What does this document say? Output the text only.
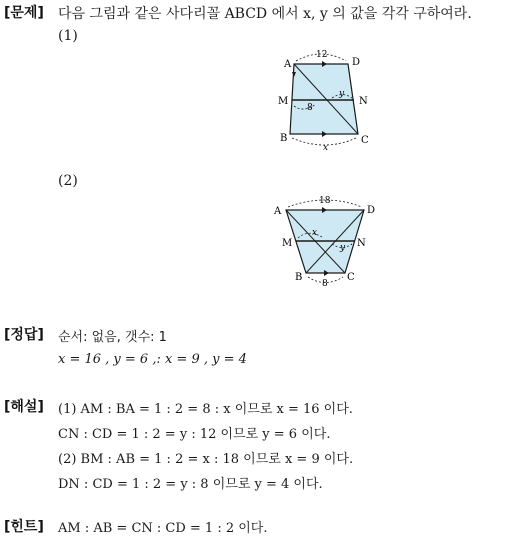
[문제] 다음 그림과 같은 사다리꼴 ABCD 에서 x, y 의 값을 각각 구하여라.
(1)
A	D
M	N
B	C
12
8
y
x
(2)
A	D
M	N
B	C
18
x
y
8
[정답] 순서: 없음, 갯수: 1
x = 16 , y = 6 ,: x = 9 , y = 4
[해설] (1) AM : BA = 1 : 2 = 8 : x 이므로 x = 16 이다.
CN : CD = 1 : 2 = y : 12 이므로 y = 6 이다.
(2) BM : AB = 1 : 2 = x : 18 이므로 x = 9 이다.
DN : CD = 1 : 2 = y : 8 이므로 y = 4 이다.
[힌트] AM : AB = CN : CD = 1 : 2 이다.
